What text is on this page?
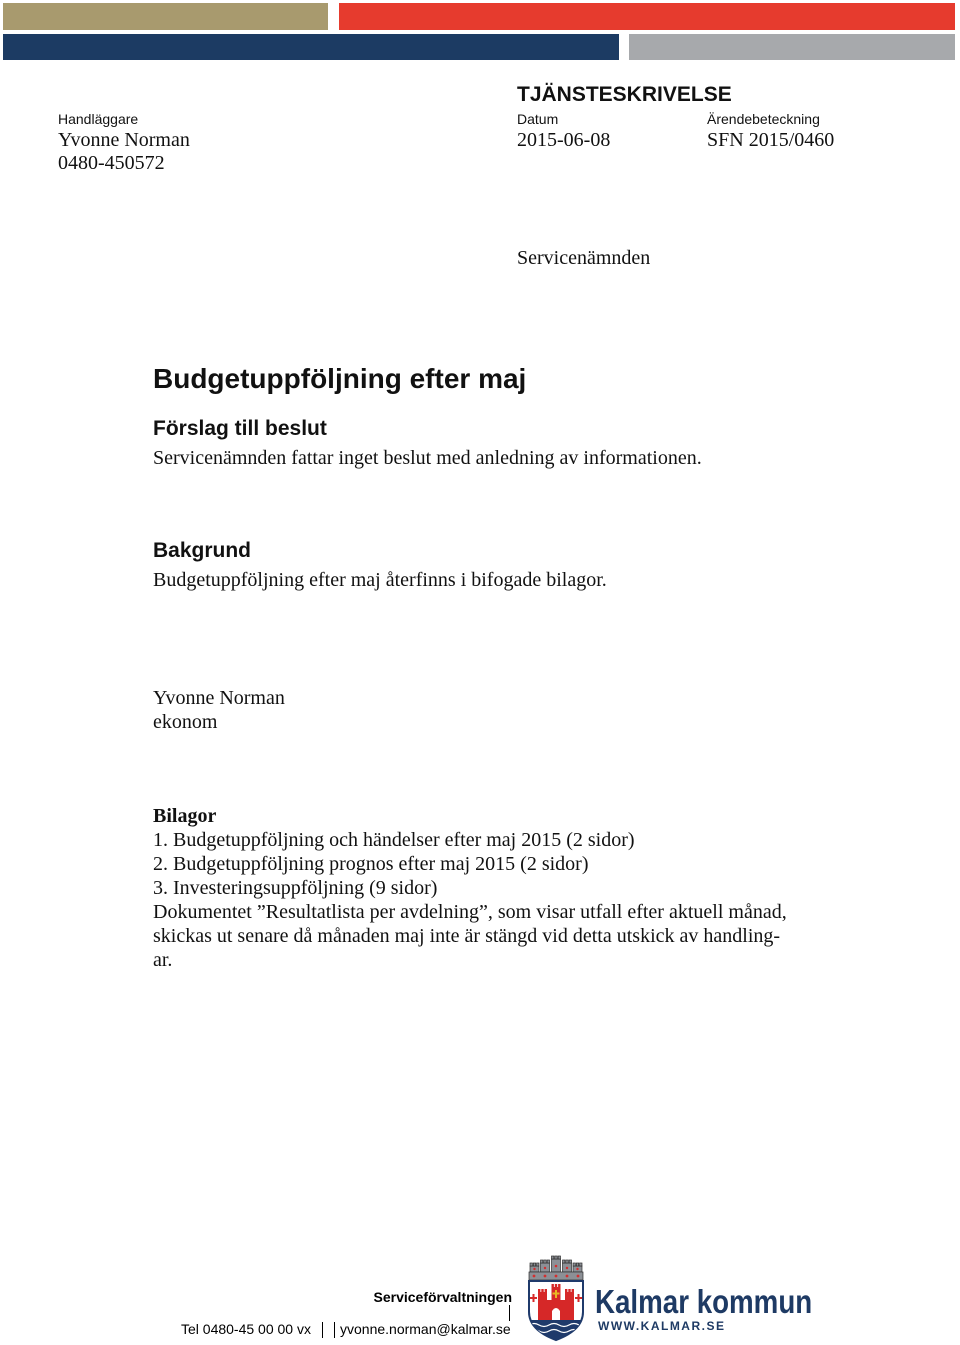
TJÄNSTESKRIVELSE
Handläggare	Datum	Ärendebeteckning
Yvonne Norman	2015-06-08	SFN 2015/0460
0480-450572
Servicenämnden
Budgetuppföljning efter maj
Förslag till beslut
Servicenämnden fattar inget beslut med anledning av informationen.
Bakgrund
Budgetuppföljning efter maj återfinns i bifogade bilagor.
Yvonne Norman
ekonom
Bilagor
1. Budgetuppföljning och händelser efter maj 2015 (2 sidor)
2. Budgetuppföljning prognos efter maj 2015 (2 sidor)
3. Investeringsuppföljning (9 sidor)
Dokumentet ”Resultatlista per avdelning”, som visar utfall efter aktuell månad,
skickas ut senare då månaden maj inte är stängd vid detta utskick av handling-
ar.
Serviceförvaltningen
Tel 0480-45 00 00 vx yvonne.norman@kalmar.se
Kalmar kommun
WWW.KALMAR.SE
